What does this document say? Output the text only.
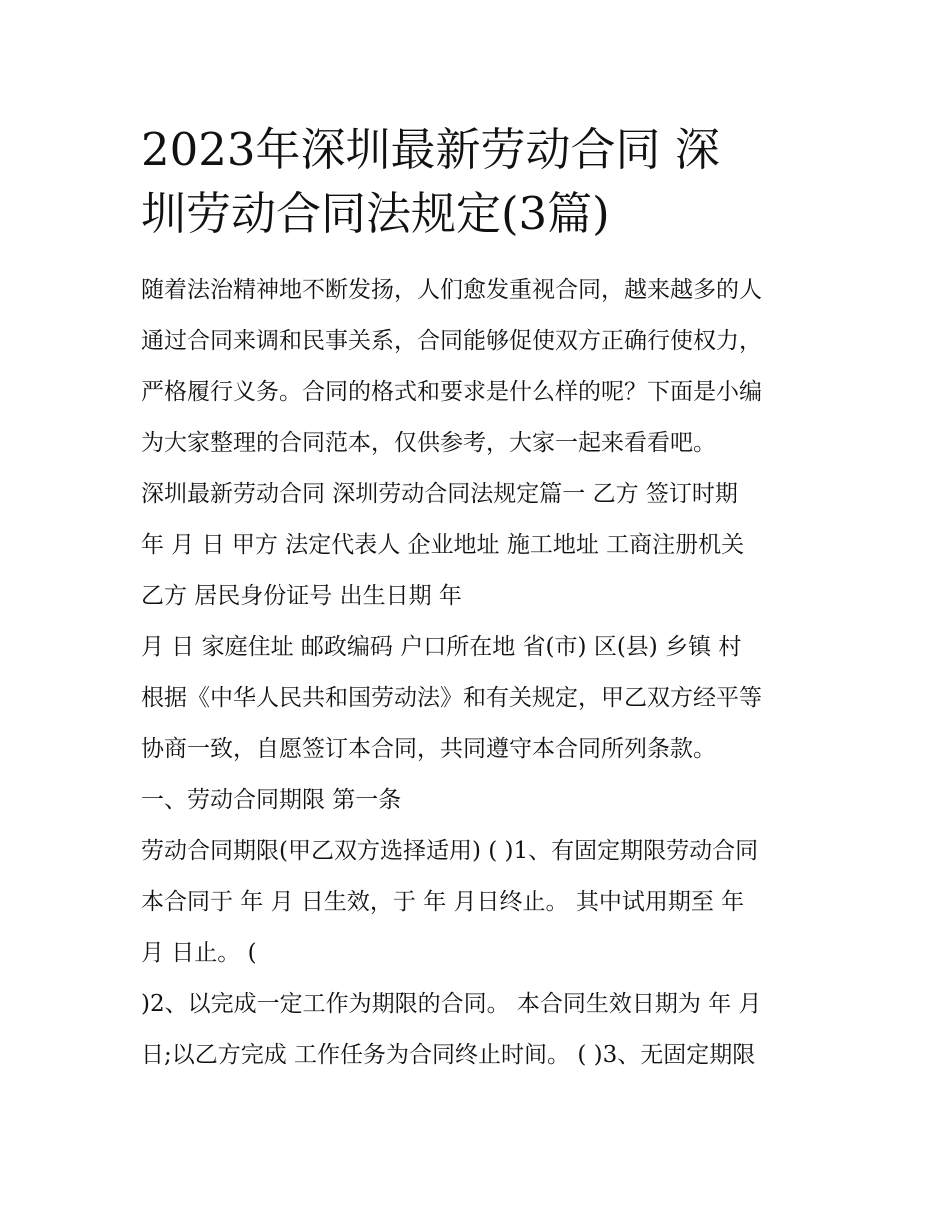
2023年深圳最新劳动合同 深
圳劳动合同法规定(3篇)
随着法治精神地不断发扬，人们愈发重视合同，越来越多的人
通过合同来调和民事关系，合同能够促使双方正确行使权力，
严格履行义务。合同的格式和要求是什么样的呢？下面是小编
为大家整理的合同范本，仅供参考，大家一起来看看吧。
深圳最新劳动合同 深圳劳动合同法规定篇一 乙方 签订时期
年 月 日 甲方 法定代表人 企业地址 施工地址 工商注册机关
乙方 居民身份证号 出生日期 年
月 日 家庭住址 邮政编码 户口所在地 省(市) 区(县) 乡镇 村
根据《中华人民共和国劳动法》和有关规定，甲乙双方经平等
协商一致，自愿签订本合同，共同遵守本合同所列条款。
一、劳动合同期限 第一条
劳动合同期限(甲乙双方选择适用) ( )1、有固定期限劳动合同
本合同于 年 月 日生效，于 年 月日终止。 其中试用期至 年
月 日止。 (
)2、以完成一定工作为期限的合同。 本合同生效日期为 年 月
日;以乙方完成 工作任务为合同终止时间。 ( )3、无固定期限
